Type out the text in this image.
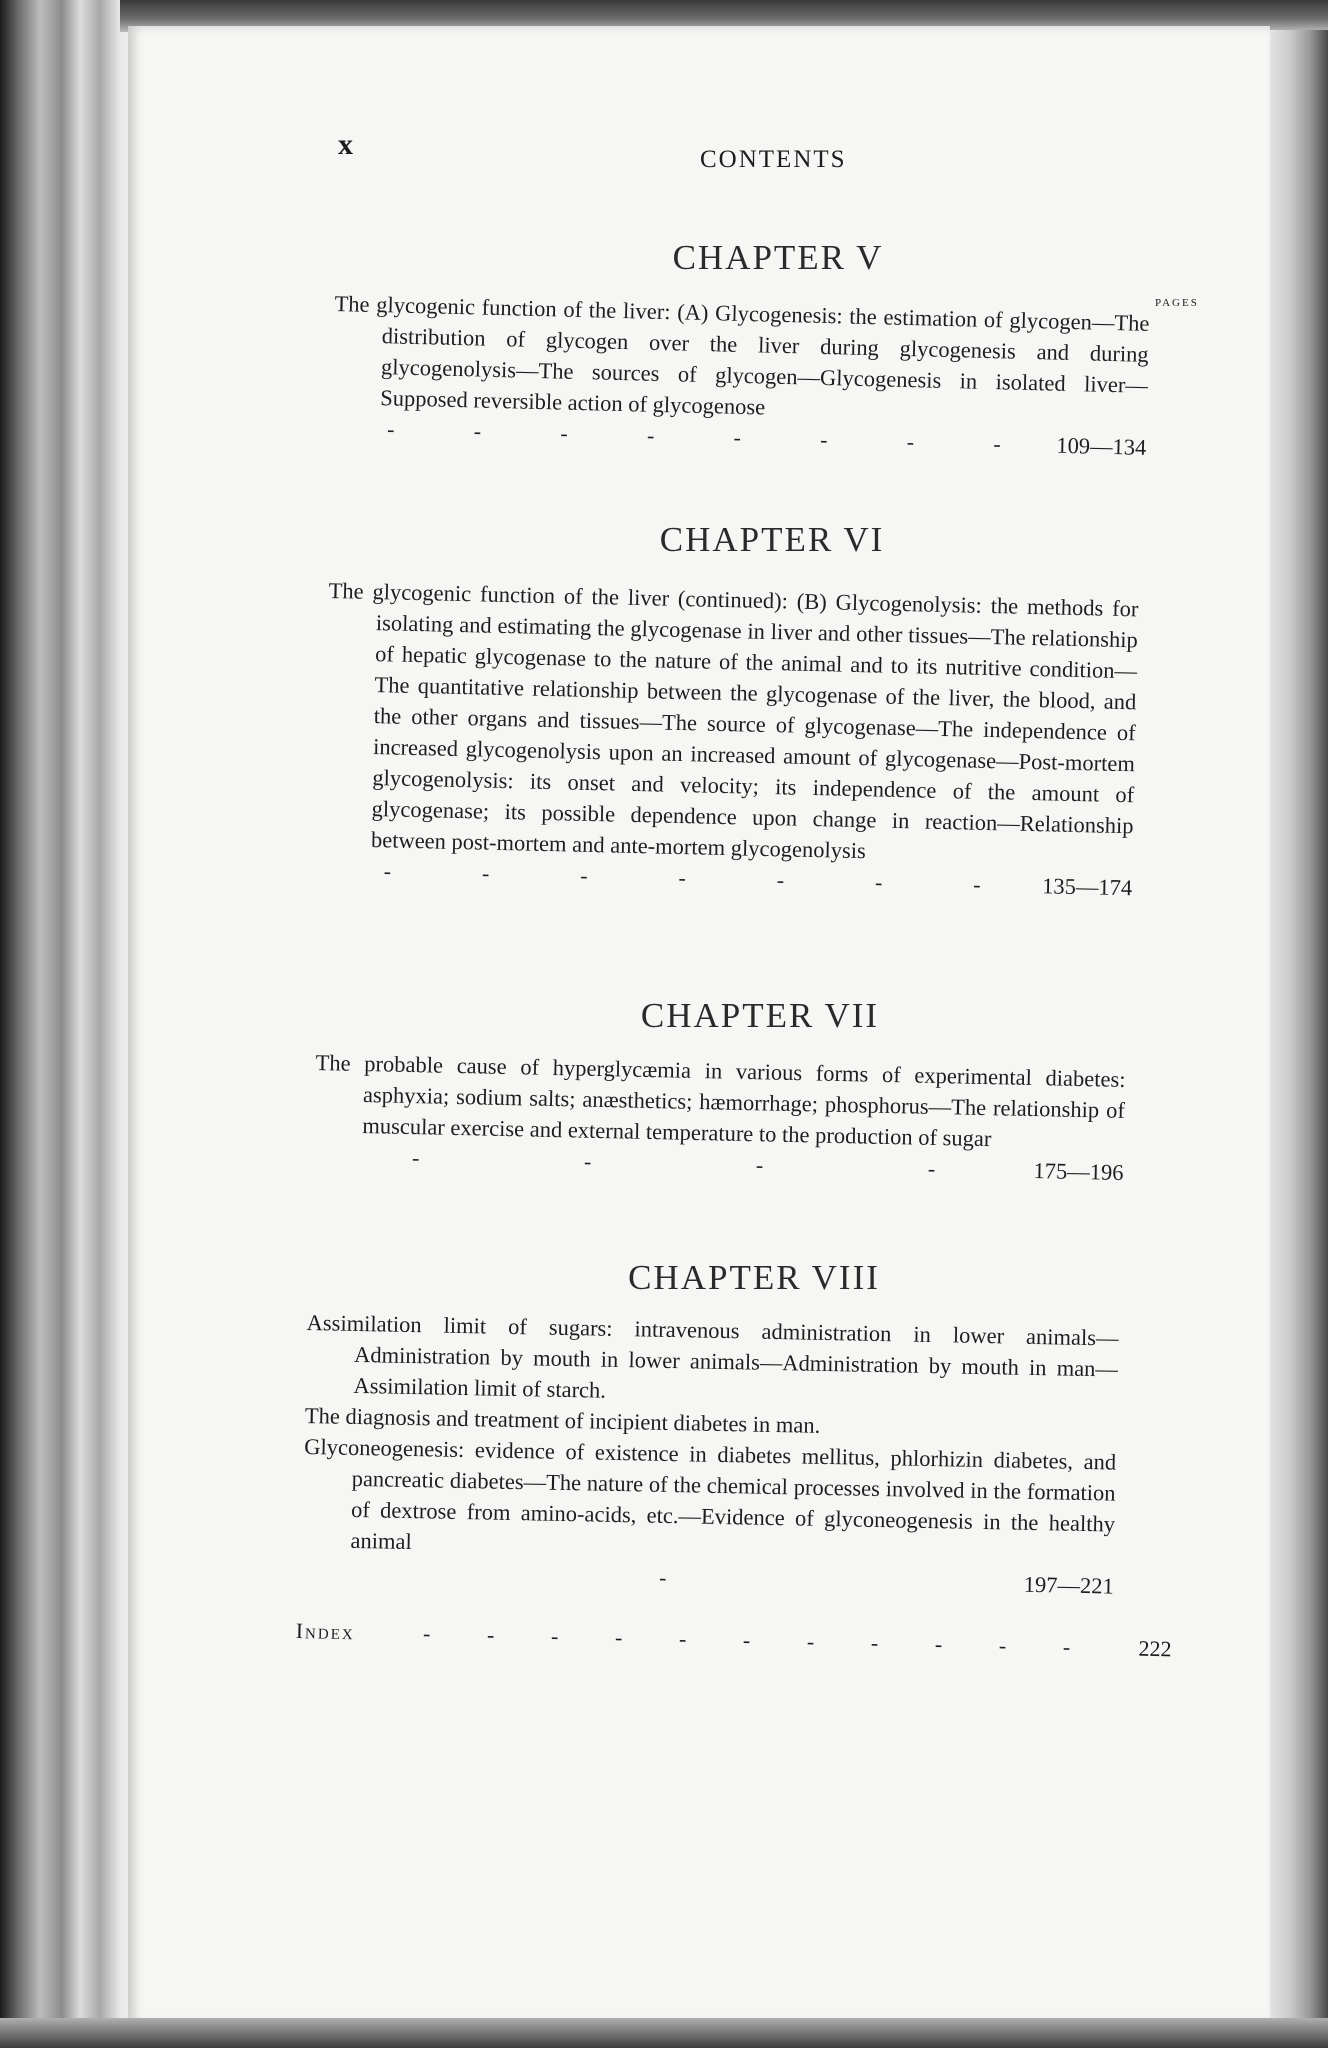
x	CONTENTS
PAGES
CHAPTER V

The glycogenic function of the liver: (A) Glycogenesis: the estimation of glycogen—The distribution of glycogen over the liver during glycogenesis and during glycogenolysis—The sources of glycogen—Glycogenesis in isolated liver—Supposed reversible action of glycogenose

-	-	-	-	-	-	-	- 109—134
CHAPTER VI

The glycogenic function of the liver (continued): (B) Glycogenolysis: the methods for isolating and estimating the glycogenase in liver and other tissues—The relationship of hepatic glycogenase to the nature of the animal and to its nutritive condition—The quantitative relationship between the glycogenase of the liver, the blood, and the other organs and tissues—The source of glycogenase—The independence of increased glycogenolysis upon an increased amount of glycogenase—Post-mortem glycogenolysis: its onset and velocity; its independence of the amount of glycogenase; its possible dependence upon change in reaction—Relationship between post-mortem and ante-mortem glycogenolysis

-	-	-	-	-	-	-	135—174
CHAPTER VII

The probable cause of hyperglycæmia in various forms of experimental diabetes: asphyxia; sodium salts; anæsthetics; hæmorrhage; phosphorus—The relationship of muscular exercise and external temperature to the production of sugar

-	-	-	-	175—196
CHAPTER VIII

Assimilation limit of sugars: intravenous administration in lower animals—Administration by mouth in lower animals—Administration by mouth in man—Assimilation limit of starch.

The diagnosis and treatment of incipient diabetes in man.

Glyconeogenesis: evidence of existence in diabetes mellitus, phlorhizin diabetes, and pancreatic diabetes—The nature of the chemical processes involved in the formation of dextrose from amino-acids, etc.—Evidence of glyconeogenesis in the healthy animal

-	197—221
Index	-	-	-	-	-	-	-	-	-	-	-	222
